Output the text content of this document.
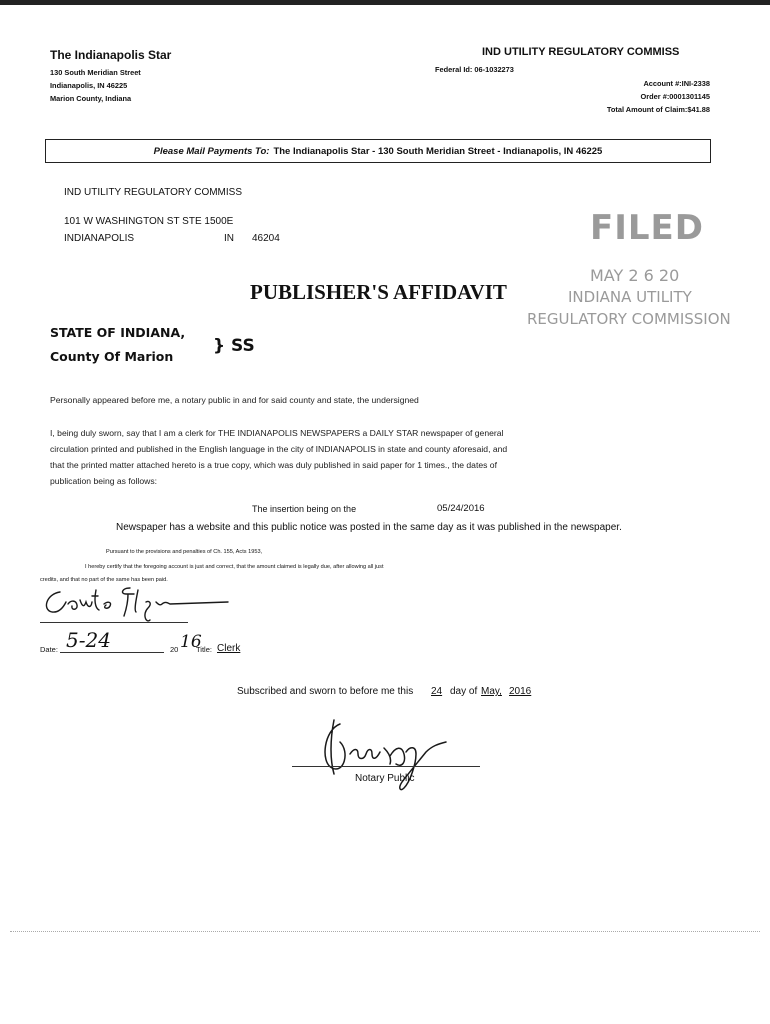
The Indianapolis Star
130 South Meridian Street
Indianapolis, IN 46225
Marion County, Indiana
IND UTILITY REGULATORY COMMISS
Federal Id: 06-1032273
Account #:INI-2338
Order #:0001301145
Total Amount of Claim:$41.88
Please Mail Payments To: The Indianapolis Star - 130 South Meridian Street - Indianapolis, IN 46225
IND UTILITY REGULATORY COMMISS
101 W WASHINGTON ST STE 1500E
INDIANAPOLIS	IN 46204	FILED
MAY 2 6 20
INDIANA UTILITY
REGULATORY COMMISSION
PUBLISHER'S AFFIDAVIT
STATE OF INDIANA,
County Of Marion
} SS
Personally appeared before me, a notary public in and for said county and state, the undersigned
I, being duly sworn, say that I am a clerk for THE INDIANAPOLIS NEWSPAPERS a DAILY STAR newspaper of general
circulation printed and published in the English language in the city of INDIANAPOLIS in state and county aforesaid, and
that the printed matter attached hereto is a true copy, which was duly published in said paper for 1 times., the dates of
publication being as follows:
The insertion being on the	05/24/2016
Newspaper has a website and this public notice was posted in the same day as it was published in the newspaper.
Pursuant to the provisions and penalties of Ch. 155, Acts 1953,
I hereby certify that the foregoing account is just and correct, that the amount claimed is legally due, after allowing all just
credits, and that no part of the same has been paid.
Date: 5-24	20 16
Title: Clerk
Subscribed and sworn to before me this 24 day of May, 2016
Notary Public
